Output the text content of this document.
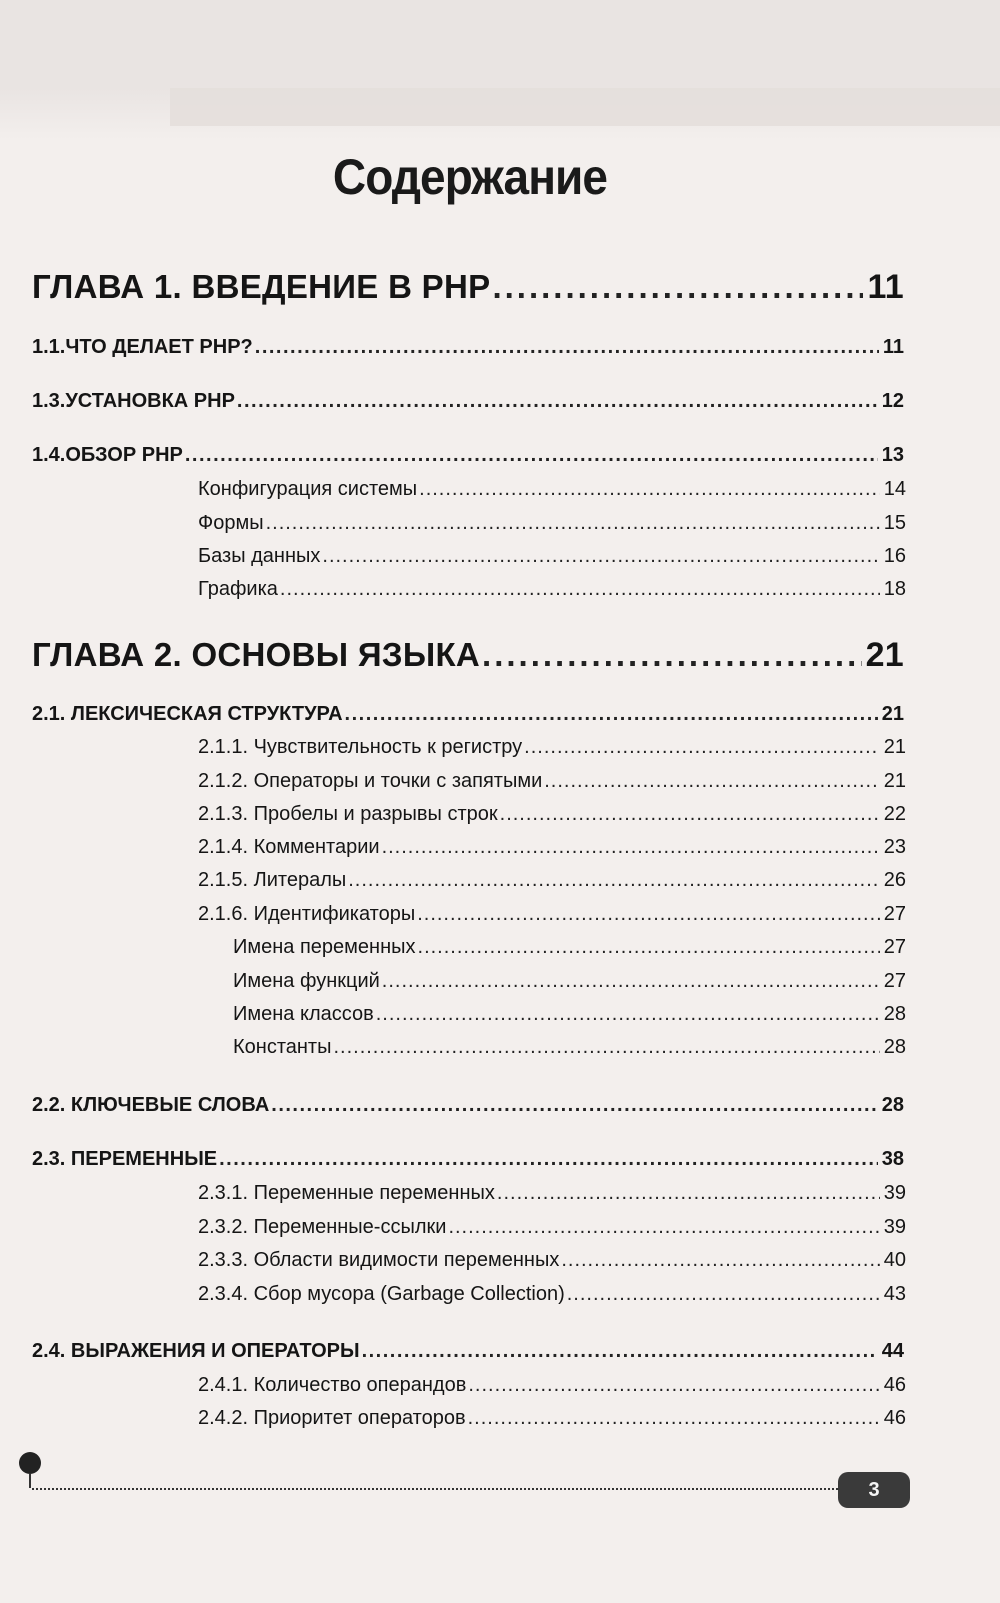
Содержание
ГЛАВА 1. ВВЕДЕНИЕ В PHP .....	11
1.1.ЧТО ДЕЛАЕТ PHP? .....	11
1.3.УСТАНОВКА PHP .....	12
1.4.ОБЗОР PHP .....	13
Конфигурация системы .....	14
Формы .....	15
Базы данных .....	16
Графика .....	18
ГЛАВА 2. ОСНОВЫ ЯЗЫКА .....	21
2.1. ЛЕКСИЧЕСКАЯ СТРУКТУРА .....	21
2.1.1. Чувствительность к регистру .....	21
2.1.2. Операторы и точки с запятыми .....	21
2.1.3. Пробелы и разрывы строк .....	22
2.1.4. Комментарии .....	23
2.1.5. Литералы .....	26
2.1.6. Идентификаторы .....	27
Имена переменных .....	27
Имена функций .....	27
Имена классов .....	28
Константы .....	28
2.2. КЛЮЧЕВЫЕ СЛОВА .....	28
2.3. ПЕРЕМЕННЫЕ .....	38
2.3.1. Переменные переменных .....	39
2.3.2. Переменные-ссылки .....	39
2.3.3. Области видимости переменных .....	40
2.3.4. Сбор мусора (Garbage Collection) .....	43
2.4. ВЫРАЖЕНИЯ И ОПЕРАТОРЫ .....	44
2.4.1. Количество операндов .....	46
2.4.2. Приоритет операторов .....	46
3
